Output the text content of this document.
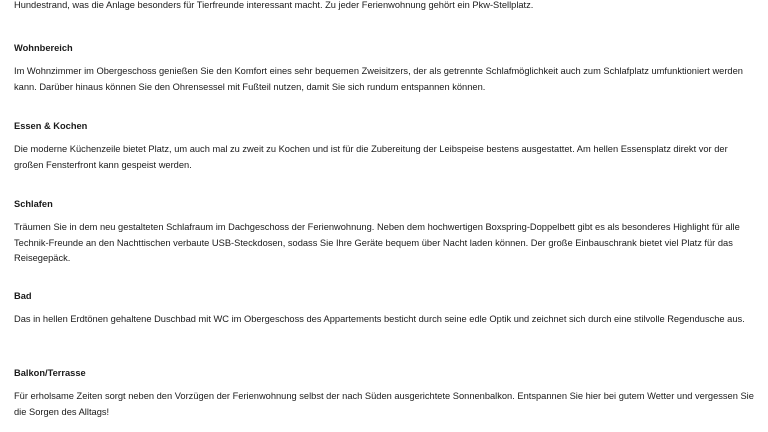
Hundestrand, was die Anlage besonders für Tierfreunde interessant macht. Zu jeder Ferienwohnung gehört ein Pkw-Stellplatz.

Wohnbereich

Im Wohnzimmer im Obergeschoss genießen Sie den Komfort eines sehr bequemen Zweisitzers, der als getrennte Schlafmöglichkeit auch zum Schlafplatz umfunktioniert werden kann. Darüber hinaus können Sie den Ohrensessel mit Fußteil nutzen, damit Sie sich rundum entspannen können.

Essen & Kochen

Die moderne Küchenzeile bietet Platz, um auch mal zu zweit zu Kochen und ist für die Zubereitung der Leibspeise bestens ausgestattet. Am hellen Essensplatz direkt vor der großen Fensterfront kann gespeist werden.

Schlafen

Träumen Sie in dem neu gestalteten Schlafraum im Dachgeschoss der Ferienwohnung. Neben dem hochwertigen Boxspring-Doppelbett gibt es als besonderes Highlight für alle Technik-Freunde an den Nachttischen verbaute USB-Steckdosen, sodass Sie Ihre Geräte bequem über Nacht laden können. Der große Einbauschrank bietet viel Platz für das Reisegepäck.

Bad

Das in hellen Erdtönen gehaltene Duschbad mit WC im Obergeschoss des Appartements besticht durch seine edle Optik und zeichnet sich durch eine stilvolle Regendusche aus.

Balkon/Terrasse

Für erholsame Zeiten sorgt neben den Vorzügen der Ferienwohnung selbst der nach Süden ausgerichtete Sonnenbalkon. Entspannen Sie hier bei gutem Wetter und vergessen Sie die Sorgen des Alltags!
